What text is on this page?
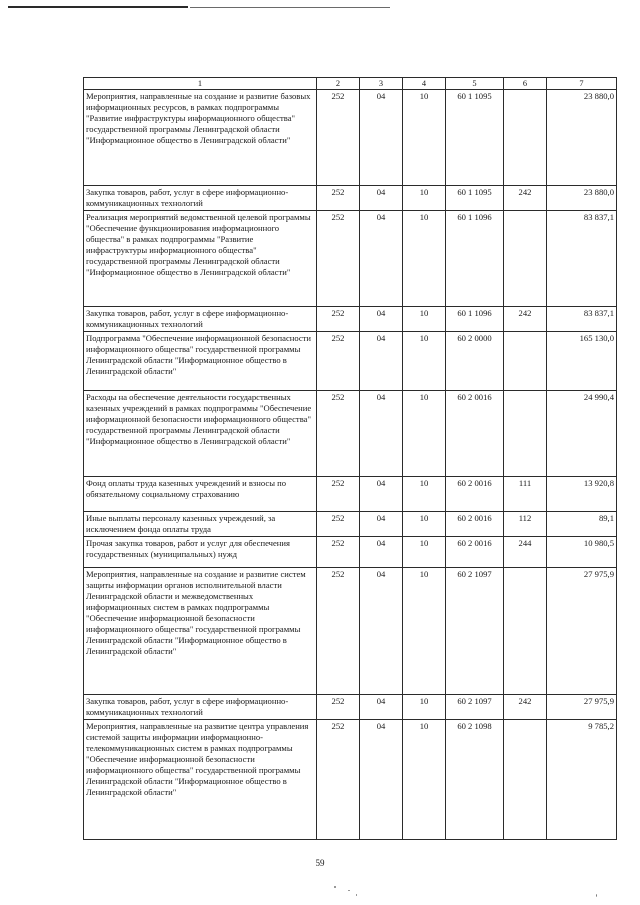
1	2	3	4	5	6	7
Мероприятия, направленные на создание и развитие базовых информационных ресурсов, в рамках подпрограммы "Развитие инфраструктуры информационного общества" государственной программы Ленинградской области "Информационное общество в Ленинградской области"	252	04	10	60 1 1095		23 880,0
Закупка товаров, работ, услуг в сфере информационно-коммуникационных технологий	252	04	10	60 1 1095	242	23 880,0
Реализация мероприятий ведомственной целевой программы "Обеспечение функционирования информационного общества" в рамках подпрограммы "Развитие инфраструктуры информационного общества" государственной программы Ленинградской области "Информационное общество в Ленинградской области"	252	04	10	60 1 1096		83 837,1
Закупка товаров, работ, услуг в сфере информационно-коммуникационных технологий	252	04	10	60 1 1096	242	83 837,1
Подпрограмма "Обеспечение информационной безопасности информационного общества" государственной программы Ленинградской области "Информационное общество в Ленинградской области"	252	04	10	60 2 0000		165 130,0
Расходы на обеспечение деятельности государственных казенных учреждений в рамках подпрограммы "Обеспечение информационной безопасности информационного общества" государственной программы Ленинградской области "Информационное общество в Ленинградской области"	252	04	10	60 2 0016		24 990,4
Фонд оплаты труда казенных учреждений и взносы по обязательному социальному страхованию	252	04	10	60 2 0016	111	13 920,8
Иные выплаты персоналу казенных учреждений, за исключением фонда оплаты труда	252	04	10	60 2 0016	112	89,1
Прочая закупка товаров, работ и услуг для обеспечения государственных (муниципальных) нужд	252	04	10	60 2 0016	244	10 980,5
Мероприятия, направленные на создание и развитие систем защиты информации органов исполнительной власти Ленинградской области и межведомственных информационных систем в рамках подпрограммы "Обеспечение информационной безопасности информационного общества" государственной программы Ленинградской области "Информационное общество в Ленинградской области"	252	04	10	60 2 1097		27 975,9
Закупка товаров, работ, услуг в сфере информационно-коммуникационных технологий	252	04	10	60 2 1097	242	27 975,9
Мероприятия, направленные на развитие центра управления системой защиты информации информационно-телекоммуникационных систем в рамках подпрограммы "Обеспечение информационной безопасности информационного общества" государственной программы Ленинградской области "Информационное общество в Ленинградской области"	252	04	10	60 2 1098		9 785,2
59
